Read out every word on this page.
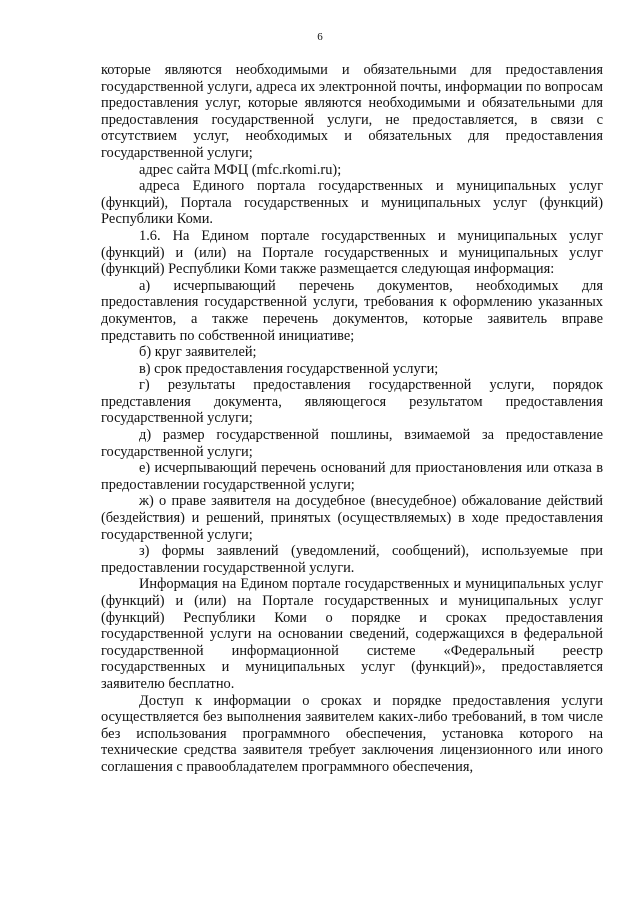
6

которые являются необходимыми и обязательными для предоставления государственной услуги, адреса их электронной почты, информации по вопросам предоставления услуг, которые являются необходимыми и обязательными для предоставления государственной услуги, не предоставляется, в связи с отсутствием услуг, необходимых и обязательных для предоставления государственной услуги;

адрес сайта МФЦ (mfc.rkomi.ru);

адреса Единого портала государственных и муниципальных услуг (функций), Портала государственных и муниципальных услуг (функций) Республики Коми.

1.6. На Едином портале государственных и муниципальных услуг (функций) и (или) на Портале государственных и муниципальных услуг (функций) Республики Коми также размещается следующая информация:

а) исчерпывающий перечень документов, необходимых для предоставления государственной услуги, требования к оформлению указанных документов, а также перечень документов, которые заявитель вправе представить по собственной инициативе;

б) круг заявителей;

в) срок предоставления государственной услуги;

г) результаты предоставления государственной услуги, порядок представления документа, являющегося результатом предоставления государственной услуги;

д) размер государственной пошлины, взимаемой за предоставление государственной услуги;

е) исчерпывающий перечень оснований для приостановления или отказа в предоставлении государственной услуги;

ж) о праве заявителя на досудебное (внесудебное) обжалование действий (бездействия) и решений, принятых (осуществляемых) в ходе предоставления государственной услуги;

з) формы заявлений (уведомлений, сообщений), используемые при предоставлении государственной услуги.

Информация на Едином портале государственных и муниципальных услуг (функций) и (или) на Портале государственных и муниципальных услуг (функций) Республики Коми о порядке и сроках предоставления государственной услуги на основании сведений, содержащихся в федеральной государственной информационной системе «Федеральный реестр государственных и муниципальных услуг (функций)», предоставляется заявителю бесплатно.

Доступ к информации о сроках и порядке предоставления услуги осуществляется без выполнения заявителем каких-либо требований, в том числе без использования программного обеспечения, установка которого на технические средства заявителя требует заключения лицензионного или иного соглашения с правообладателем программного обеспечения,
